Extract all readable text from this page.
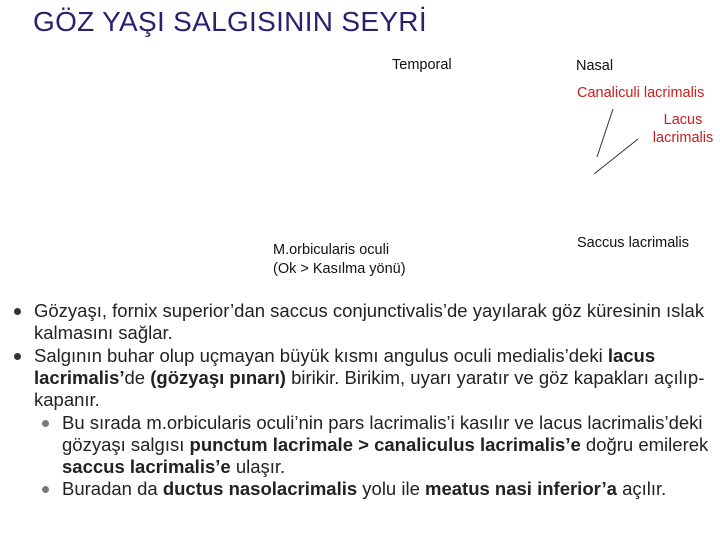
GÖZ YAŞI SALGISININ SEYRİ
Temporal	Nasal
Canaliculi lacrimalis
Lacus
lacrimalis
Saccus lacrimalis
M.orbicularis oculi
(Ok > Kasılma yönü)
Gözyaşı, fornix superior’dan saccus conjunctivalis’de yayılarak göz küresinin ıslak kalmasını sağlar.
Salgının buhar olup uçmayan büyük kısmı angulus oculi medialis’deki lacus lacrimalis’de (gözyaşı pınarı) birikir. Birikim, uyarı yaratır ve göz kapakları açılıp-kapanır.
Bu sırada m.orbicularis oculi’nin pars lacrimalis’i kasılır ve lacus lacrimalis’deki gözyaşı salgısı punctum lacrimale > canaliculus lacrimalis’e doğru emilerek saccus lacrimalis’e ulaşır.
Buradan da ductus nasolacrimalis yolu ile meatus nasi inferior’a açılır.
